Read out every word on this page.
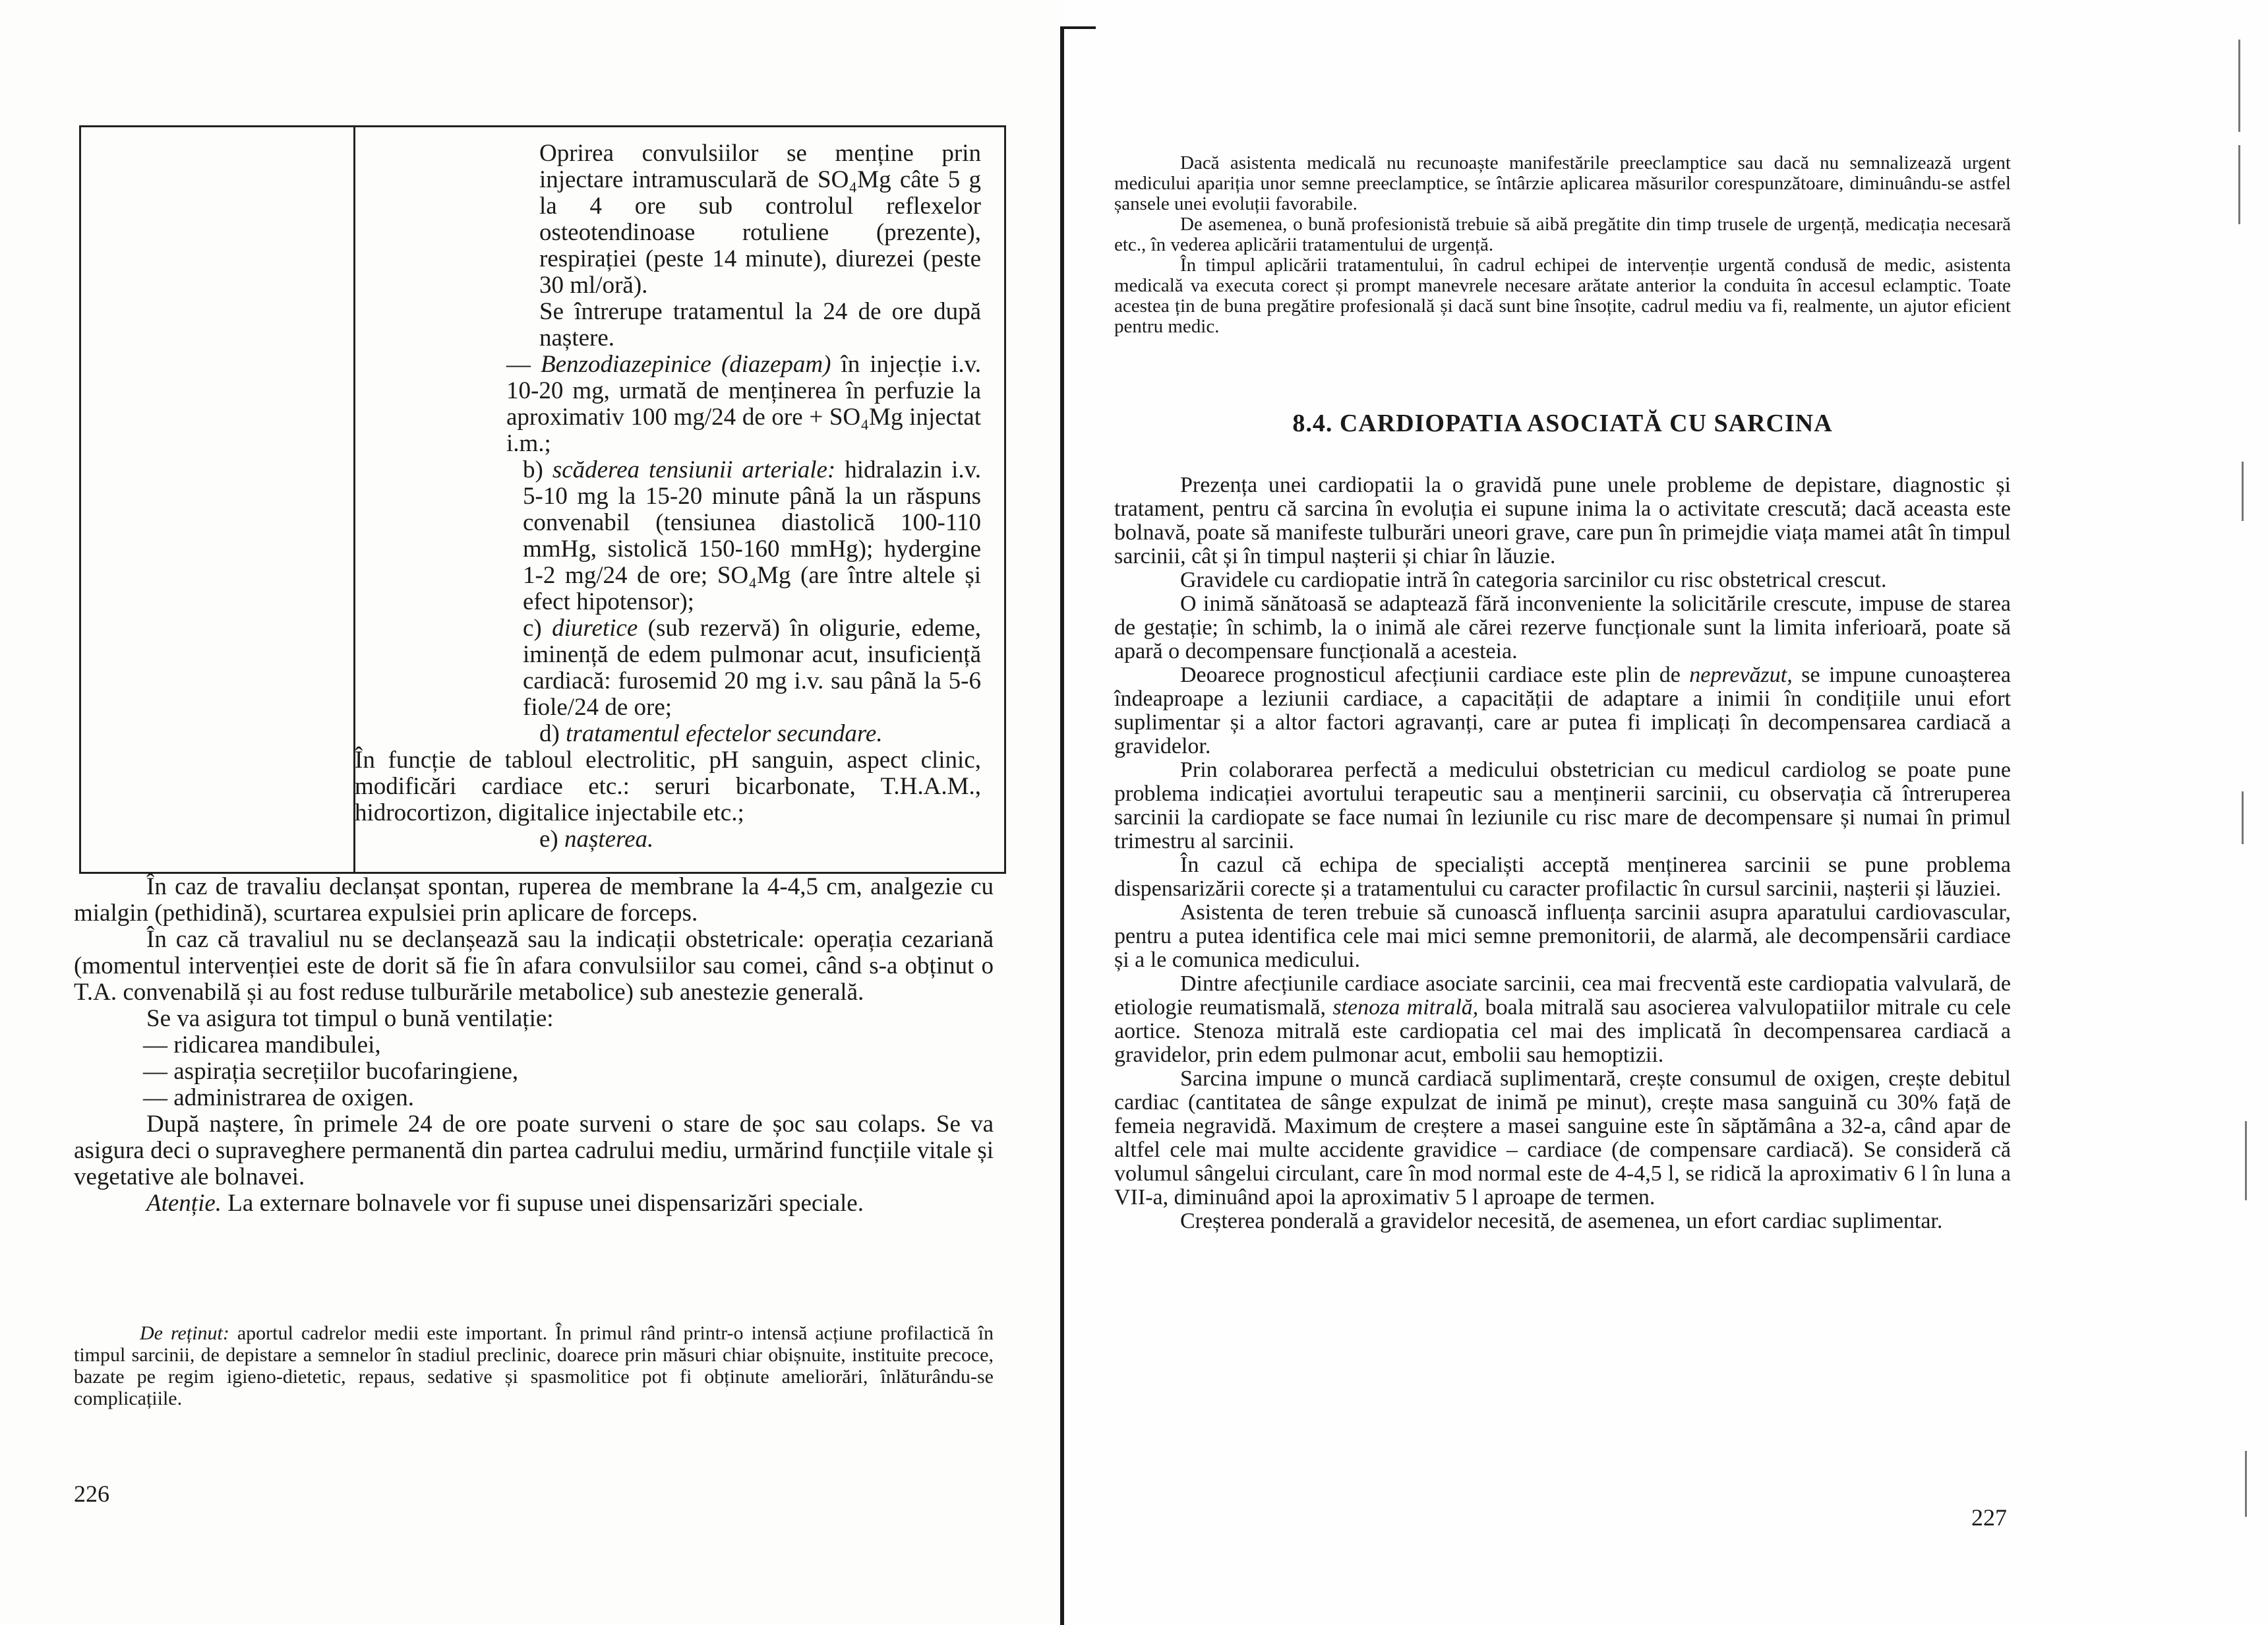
Oprirea convulsiilor se menține prin injectare intramusculară de SO₄Mg câte 5 g la 4 ore sub controlul reflexelor osteotendinoase rotuliene (prezente), respirației (peste 14 minute), diurezei (peste 30 ml/oră).

Se întrerupe tratamentul la 24 de ore după naștere.

— Benzodiazepinice (diazepam) în injecție i.v. 10-20 mg, urmată de menținerea în perfuzie la aproximativ 100 mg/24 de ore + SO₄Mg injectat i.m.;

b) scăderea tensiunii arteriale: hidralazin i.v. 5-10 mg la 15-20 minute până la un răspuns convenabil (tensiunea diastolică 100-110 mmHg, sistolică 150-160 mmHg); hydergine 1-2 mg/24 de ore; SO₄Mg (are între altele și efect hipotensor);

c) diuretice (sub rezervă) în oligurie, edeme, iminență de edem pulmonar acut, insuficiență cardiacă: furosemid 20 mg i.v. sau până la 5-6 fiole/24 de ore;

d) tratamentul efectelor secundare.

În funcție de tabloul electrolitic, pH sanguin, aspect clinic, modificări cardiace etc.: seruri bicarbonate, T.H.A.M., hidrocortizon, digitalice injectabile etc.;

e) nașterea.

În caz de travaliu declanșat spontan, ruperea de membrane la 4-4,5 cm, analgezie cu mialgin (pethidină), scurtarea expulsiei prin aplicare de forceps.

În caz că travaliul nu se declanșează sau la indicații obstetricale: operația cezariană (momentul intervenției este de dorit să fie în afara convulsiilor sau comei, când s-a obținut o T.A. convenabilă și au fost reduse tulburările metabolice) sub anestezie generală.

Se va asigura tot timpul o bună ventilație:

— ridicarea mandibulei,

— aspirația secrețiilor bucofaringiene,

— administrarea de oxigen.

După naștere, în primele 24 de ore poate surveni o stare de șoc sau colaps. Se va asigura deci o supraveghere permanentă din partea cadrului mediu, urmărind funcțiile vitale și vegetative ale bolnavei.

Atenție. La externare bolnavele vor fi supuse unei dispensarizări speciale.

De reținut: aportul cadrelor medii este important. În primul rând printr-o intensă acțiune profilactică în timpul sarcinii, de depistare a semnelor în stadiul preclinic, doarece prin măsuri chiar obișnuite, instituite precoce, bazate pe regim igieno-dietetic, repaus, sedative și spasmolitice pot fi obținute ameliorări, înlăturându-se complicațiile.

226

Dacă asistenta medicală nu recunoaște manifestările preeclamptice sau dacă nu semnalizează urgent medicului apariția unor semne preeclamptice, se întârzie aplicarea măsurilor corespunzătoare, diminuându-se astfel șansele unei evoluții favorabile.

De asemenea, o bună profesionistă trebuie să aibă pregătite din timp trusele de urgență, medicația necesară etc., în vederea aplicării tratamentului de urgență.

În timpul aplicării tratamentului, în cadrul echipei de intervenție urgentă condusă de medic, asistenta medicală va executa corect și prompt manevrele necesare arătate anterior la conduita în accesul eclamptic. Toate acestea țin de buna pregătire profesională și dacă sunt bine însoțite, cadrul mediu va fi, realmente, un ajutor eficient pentru medic.

8.4. CARDIOPATIA ASOCIATĂ CU SARCINA

Prezența unei cardiopatii la o gravidă pune unele probleme de depistare, diagnostic și tratament, pentru că sarcina în evoluția ei supune inima la o activitate crescută; dacă aceasta este bolnavă, poate să manifeste tulburări uneori grave, care pun în primejdie viața mamei atât în timpul sarcinii, cât și în timpul nașterii și chiar în lăuzie.

Gravidele cu cardiopatie intră în categoria sarcinilor cu risc obstetrical crescut.

O inimă sănătoasă se adaptează fără inconveniente la solicitările crescute, impuse de starea de gestație; în schimb, la o inimă ale cărei rezerve funcționale sunt la limita inferioară, poate să apară o decompensare funcțională a acesteia.

Deoarece prognosticul afecțiunii cardiace este plin de neprevăzut, se impune cunoașterea îndeaproape a leziunii cardiace, a capacității de adaptare a inimii în condițiile unui efort suplimentar și a altor factori agravanți, care ar putea fi implicați în decompensarea cardiacă a gravidelor.

Prin colaborarea perfectă a medicului obstetrician cu medicul cardiolog se poate pune problema indicației avortului terapeutic sau a menținerii sarcinii, cu observația că întreruperea sarcinii la cardiopate se face numai în leziunile cu risc mare de decompensare și numai în primul trimestru al sarcinii.

În cazul că echipa de specialiști acceptă menținerea sarcinii se pune problema dispensarizării corecte și a tratamentului cu caracter profilactic în cursul sarcinii, nașterii și lăuziei.

Asistenta de teren trebuie să cunoască influența sarcinii asupra aparatului cardiovascular, pentru a putea identifica cele mai mici semne premonitorii, de alarmă, ale decompensării cardiace și a le comunica medicului.

Dintre afecțiunile cardiace asociate sarcinii, cea mai frecventă este cardiopatia valvulară, de etiologie reumatismală, stenoza mitrală, boala mitrală sau asocierea valvulopatiilor mitrale cu cele aortice. Stenoza mitrală este cardiopatia cel mai des implicată în decompensarea cardiacă a gravidelor, prin edem pulmonar acut, embolii sau hemoptizii.

Sarcina impune o muncă cardiacă suplimentară, crește consumul de oxigen, crește debitul cardiac (cantitatea de sânge expulzat de inimă pe minut), crește masa sanguină cu 30% față de femeia negravidă. Maximum de creștere a masei sanguine este în săptămâna a 32-a, când apar de altfel cele mai multe accidente gravidice – cardiace (de compensare cardiacă). Se consideră că volumul sângelui circulant, care în mod normal este de 4-4,5 l, se ridică la aproximativ 6 l în luna a VII-a, diminuând apoi la aproximativ 5 l aproape de termen.

Creșterea ponderală a gravidelor necesită, de asemenea, un efort cardiac suplimentar.

227
